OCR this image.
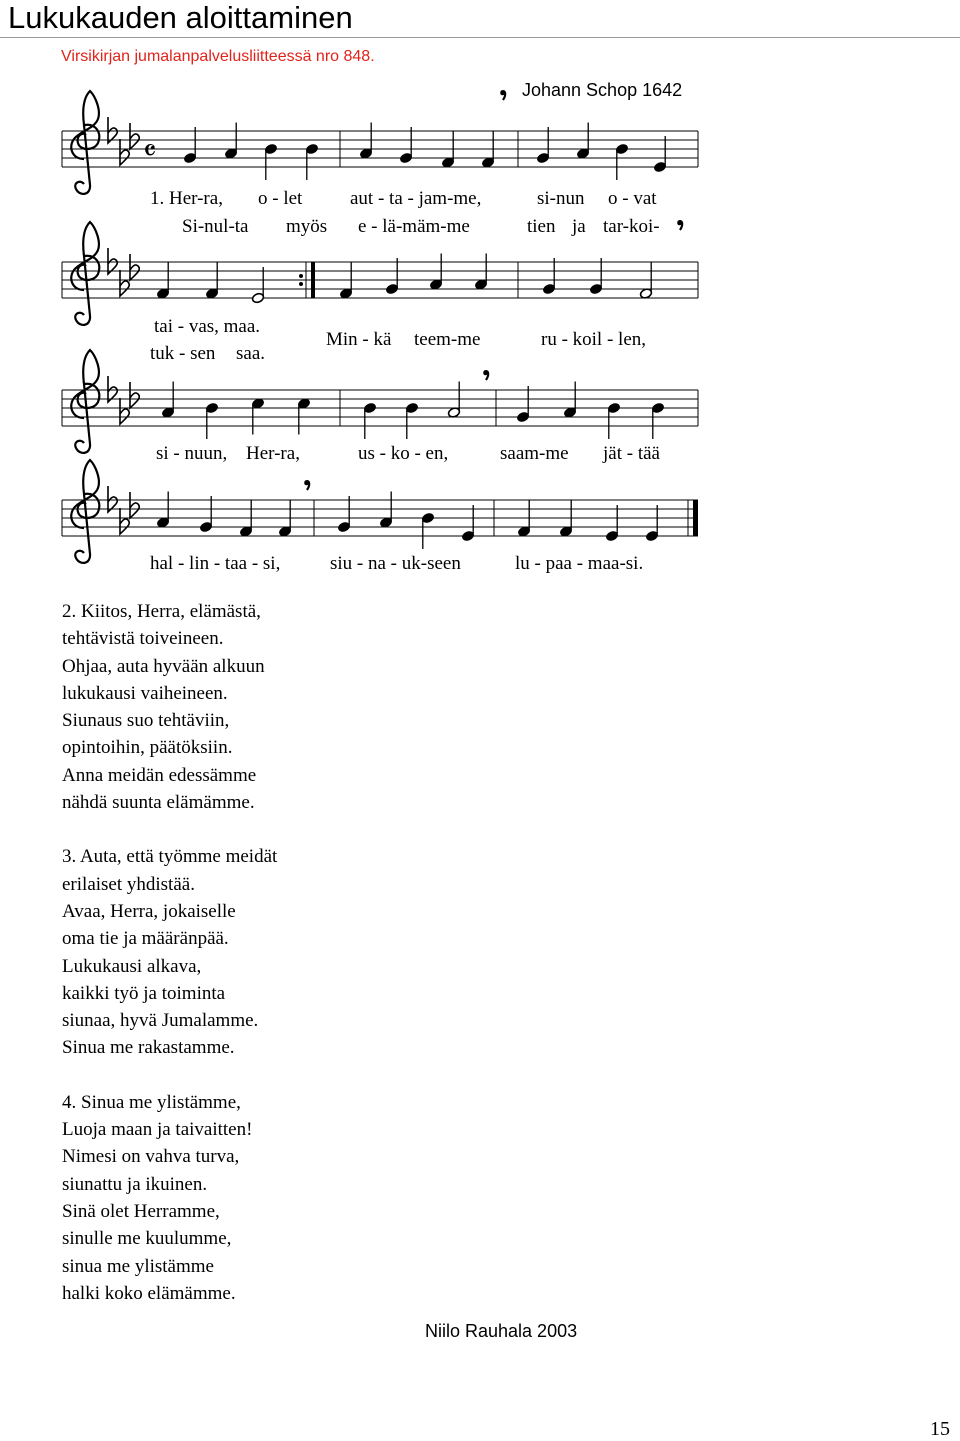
Lukukauden aloittaminen
Virsikirjan jumalanpalvelusliitteessä nro 848.
Johann Schop 1642
𝄴
1. Her-ra, o - let	aut - ta - jam-me,	si-nun o - vat
Si-nul-ta myös e - lä-mäm-me	tien ja tar-koi-
tai - vas, maa.
Min - kä teem-me	ru - koil - len,
tuk - sen saa.
si - nuun, Her-ra,	us - ko - en,	saam-me jät - tää
hal - lin - taa - si,	siu - na - uk-seen	lu - paa - maa-si.
2. Kiitos, Herra, elämästä,
tehtävistä toiveineen.
Ohjaa, auta hyvään alkuun
lukukausi vaiheineen.
Siunaus suo tehtäviin,
opintoihin, päätöksiin.
Anna meidän edessämme
nähdä suunta elämämme.
3. Auta, että työmme meidät
erilaiset yhdistää.
Avaa, Herra, jokaiselle
oma tie ja määränpää.
Lukukausi alkava,
kaikki työ ja toiminta
siunaa, hyvä Jumalamme.
Sinua me rakastamme.
4. Sinua me ylistämme,
Luoja maan ja taivaitten!
Nimesi on vahva turva,
siunattu ja ikuinen.
Sinä olet Herramme,
sinulle me kuulumme,
sinua me ylistämme
halki koko elämämme.
Niilo Rauhala 2003
15
